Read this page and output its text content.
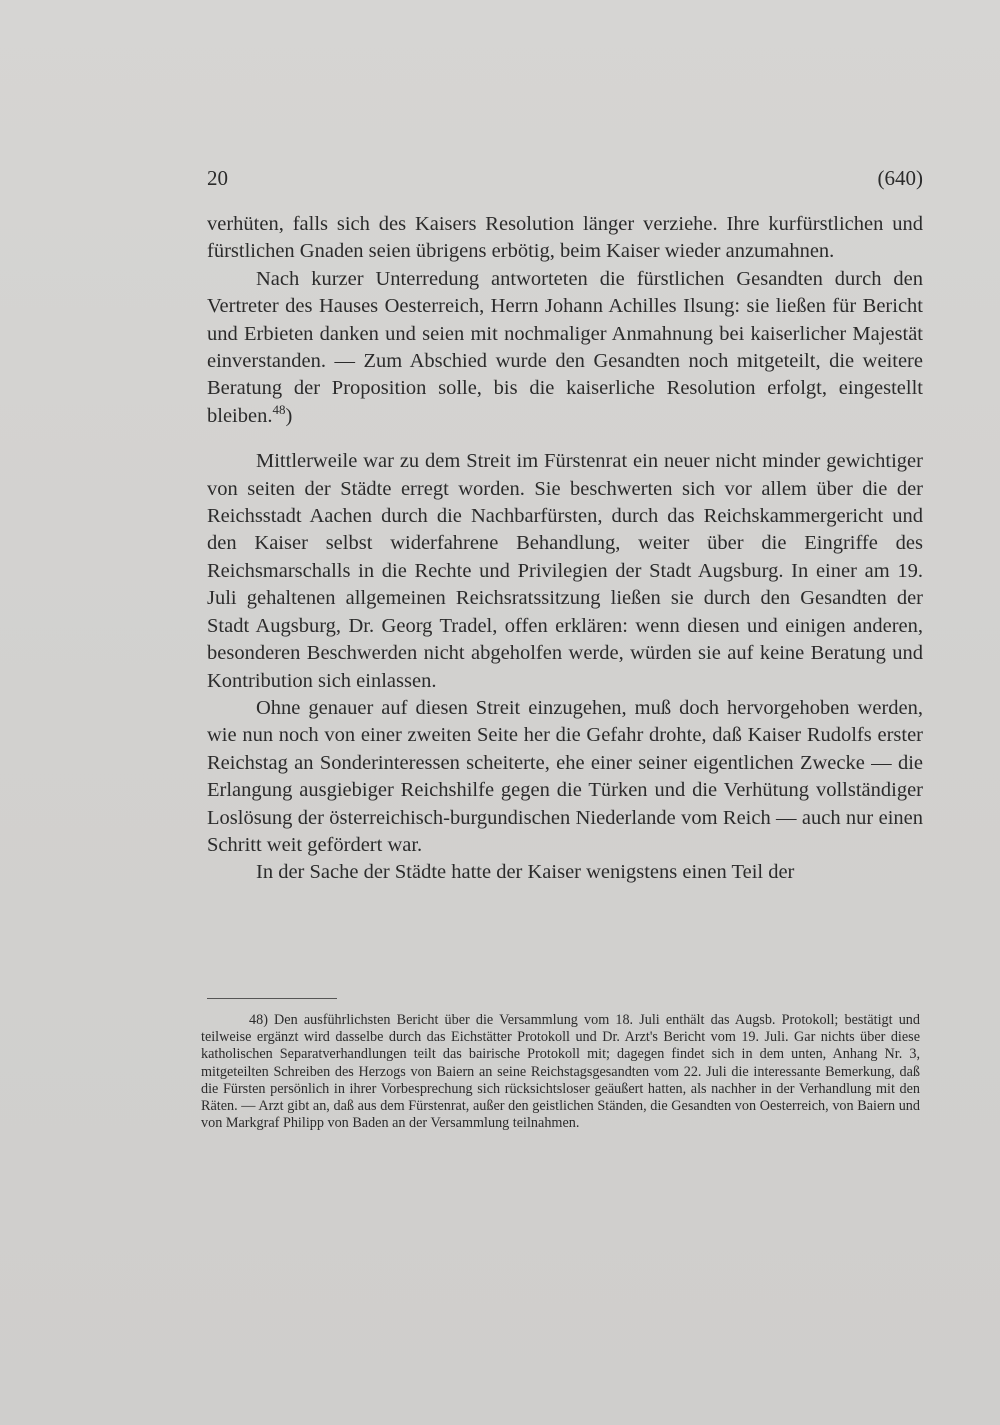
20	(640)

verhüten, falls sich des Kaisers Resolution länger verziehe. Ihre kurfürstlichen und fürstlichen Gnaden seien übrigens erbötig, beim Kaiser wieder anzumahnen.

Nach kurzer Unterredung antworteten die fürstlichen Gesandten durch den Vertreter des Hauses Oesterreich, Herrn Johann Achilles Ilsung: sie ließen für Bericht und Erbieten danken und seien mit nochmaliger Anmahnung bei kaiserlicher Majestät einverstanden. — Zum Abschied wurde den Gesandten noch mitgeteilt, die weitere Beratung der Proposition solle, bis die kaiserliche Resolution erfolgt, eingestellt bleiben.$^{48}$)

Mittlerweile war zu dem Streit im Fürstenrat ein neuer nicht minder gewichtiger von seiten der Städte erregt worden. Sie beschwerten sich vor allem über die der Reichsstadt Aachen durch die Nachbarfürsten, durch das Reichskammergericht und den Kaiser selbst widerfahrene Behandlung, weiter über die Eingriffe des Reichsmarschalls in die Rechte und Privilegien der Stadt Augsburg. In einer am 19. Juli gehaltenen allgemeinen Reichsratssitzung ließen sie durch den Gesandten der Stadt Augsburg, Dr. Georg Tradel, offen erklären: wenn diesen und einigen anderen, besonderen Beschwerden nicht abgeholfen werde, würden sie auf keine Beratung und Kontribution sich einlassen.

Ohne genauer auf diesen Streit einzugehen, muß doch hervorgehoben werden, wie nun noch von einer zweiten Seite her die Gefahr drohte, daß Kaiser Rudolfs erster Reichstag an Sonderinteressen scheiterte, ehe einer seiner eigentlichen Zwecke — die Erlangung ausgiebiger Reichshilfe gegen die Türken und die Verhütung vollständiger Loslösung der österreichisch-burgundischen Niederlande vom Reich — auch nur einen Schritt weit gefördert war.

In der Sache der Städte hatte der Kaiser wenigstens einen Teil der

48) Den ausführlichsten Bericht über die Versammlung vom 18. Juli enthält das Augsb. Protokoll; bestätigt und teilweise ergänzt wird dasselbe durch das Eichstätter Protokoll und Dr. Arzt's Bericht vom 19. Juli. Gar nichts über diese katholischen Separatverhandlungen teilt das bairische Protokoll mit; dagegen findet sich in dem unten, Anhang Nr. 3, mitgeteilten Schreiben des Herzogs von Baiern an seine Reichstagsgesandten vom 22. Juli die interessante Bemerkung, daß die Fürsten persönlich in ihrer Vorbesprechung sich rücksichtsloser geäußert hatten, als nachher in der Verhandlung mit den Räten. — Arzt gibt an, daß aus dem Fürstenrat, außer den geistlichen Ständen, die Gesandten von Oesterreich, von Baiern und von Markgraf Philipp von Baden an der Versammlung teilnahmen.
